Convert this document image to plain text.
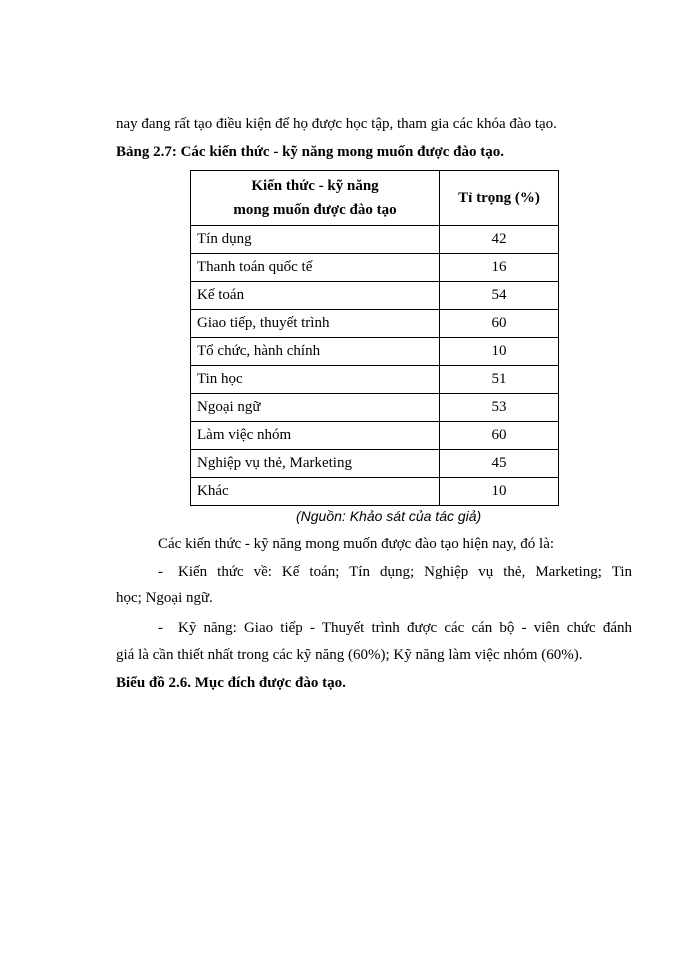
nay đang rất tạo điều kiện để họ được học tập, tham gia các khóa đào tạo.
Bảng 2.7: Các kiến thức - kỹ năng mong muốn được đào tạo.
Kiến thức - kỹ năng
mong muốn được đào tạo	Tỉ trọng (%)
Tín dụng	42
Thanh toán quốc tế	16
Kế toán	54
Giao tiếp, thuyết trình	60
Tổ chức, hành chính	10
Tin học	51
Ngoại ngữ	53
Làm việc nhóm	60
Nghiệp vụ thẻ, Marketing	45
Khác	10
(Nguồn: Khảo sát của tác giả)
Các kiến thức - kỹ năng mong muốn được đào tạo hiện nay, đó là:
- Kiến thức về: Kế toán; Tín dụng; Nghiệp vụ thẻ, Marketing; Tin
học; Ngoại ngữ.
- Kỹ năng: Giao tiếp - Thuyết trình được các cán bộ - viên chức đánh
giá là cần thiết nhất trong các kỹ năng (60%); Kỹ năng làm việc nhóm (60%).
Biểu đồ 2.6. Mục đích được đào tạo.
